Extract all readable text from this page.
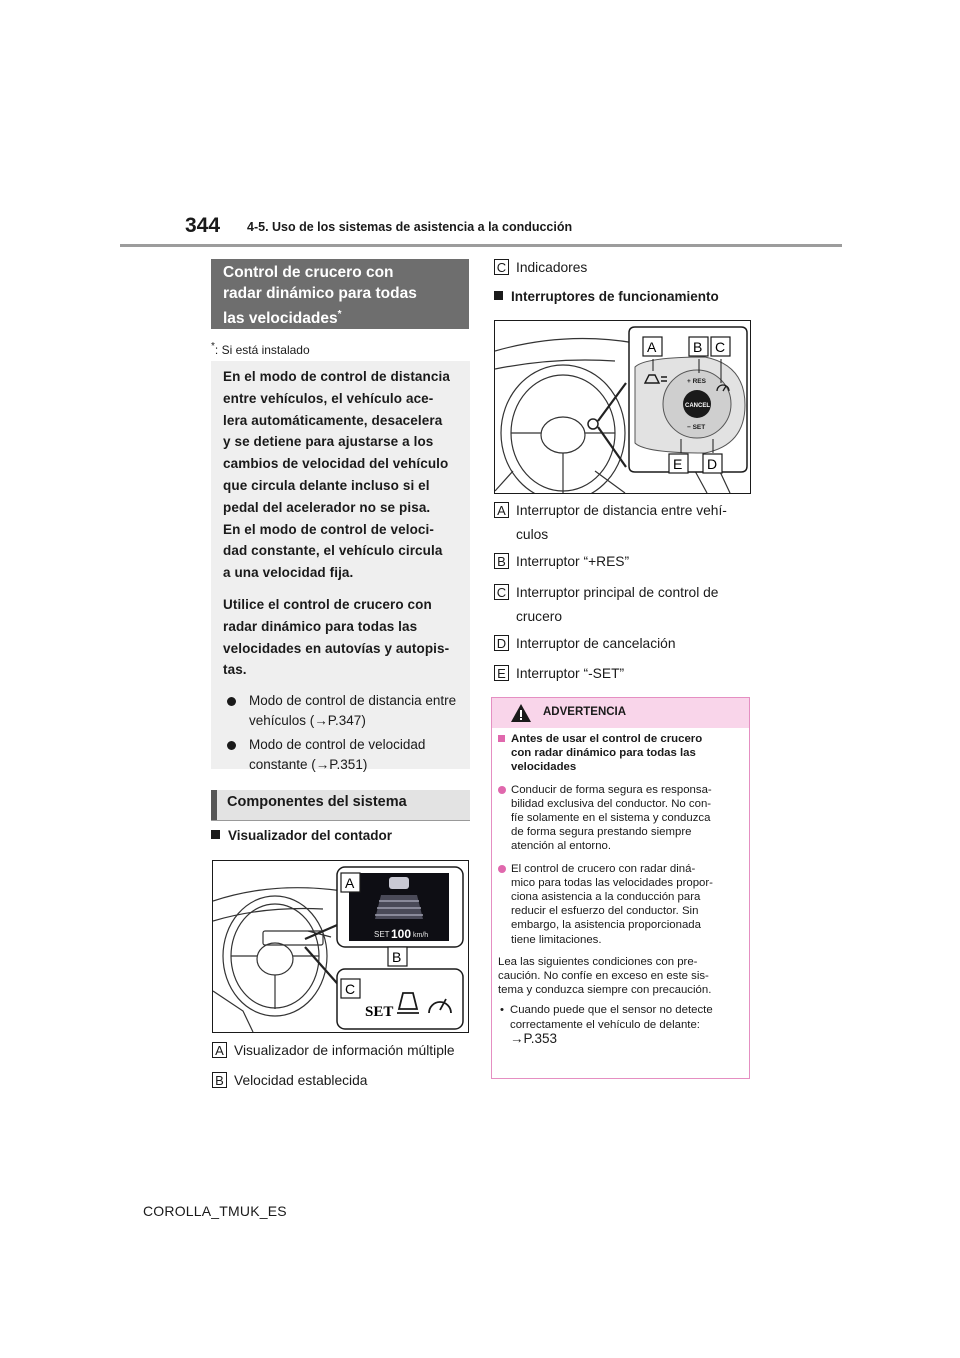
344 4-5. Uso de los sistemas de asistencia a la conducción
Control de crucero con
radar dinámico para todas
las velocidades*
*: Si está instalado

En el modo de control de distancia
entre vehículos, el vehículo ace-
lera automáticamente, desacelera
y se detiene para ajustarse a los
cambios de velocidad del vehículo
que circula delante incluso si el
pedal del acelerador no se pisa.
En el modo de control de veloci-
dad constante, el vehículo circula
a una velocidad fija.

Utilice el control de crucero con
radar dinámico para todas las
velocidades en autovías y autopis-
tas.

Modo de control de distancia entre
vehículos (→P.347)
Modo de control de velocidad
constante (→P.351)
Componentes del sistema
Visualizador del contador
SET 100 km/h
A
B
C
SET
A Visualizador de información múltiple
B Velocidad establecida
C Indicadores
Interruptores de funcionamiento
CANCEL
+ RES
− SET
A	B C
E D
A Interruptor de distancia entre vehí-
culos
B Interruptor “+RES”
C Interruptor principal de control de
crucero
D Interruptor de cancelación
E Interruptor “-SET”
ADVERTENCIA
Antes de usar el control de crucero
con radar dinámico para todas las
velocidades
Conducir de forma segura es responsa-
bilidad exclusiva del conductor. No con-
fíe solamente en el sistema y conduzca
de forma segura prestando siempre
atención al entorno.
El control de crucero con radar diná-
mico para todas las velocidades propor-
ciona asistencia a la conducción para
reducir el esfuerzo del conductor. Sin
embargo, la asistencia proporcionada
tiene limitaciones.
Lea las siguientes condiciones con pre-
caución. No confíe en exceso en este sis-
tema y conduzca siempre con precaución.
• Cuando puede que el sensor no detecte
correctamente el vehículo de delante:
→P.353
COROLLA_TMUK_ES
